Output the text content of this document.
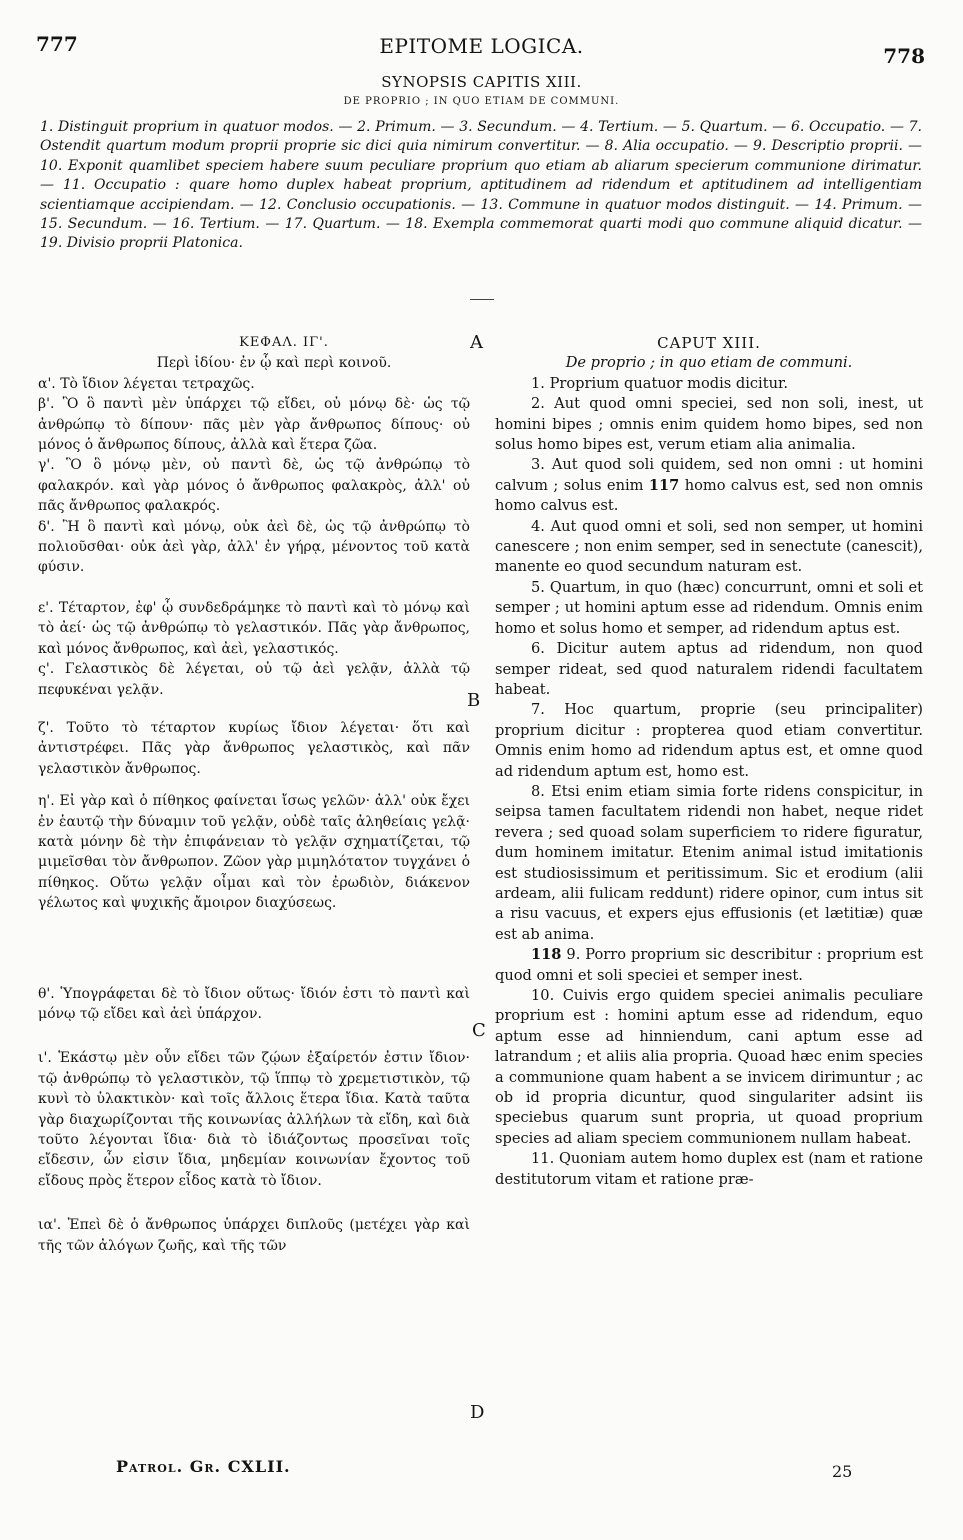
777	EPITOME LOGICA.	778
SYNOPSIS CAPITIS XIII.
DE PROPRIO ; IN QUO ETIAM DE COMMUNI.
1. Distinguit proprium in quatuor modos. — 2. Primum. — 3. Secundum. — 4. Tertium. — 5. Quartum. — 6. Occupatio. — 7. Ostendit quartum modum proprii proprie sic dici quia nimirum convertitur. — 8. Alia occupatio. — 9. Descriptio proprii. — 10. Exponit quamlibet speciem habere suum peculiare proprium quo etiam ab aliarum specierum communione dirimatur. — 11. Occupatio : quare homo duplex habeat proprium, aptitudinem ad ridendum et aptitudinem ad intelligentiam scientiamque accipiendam. — 12. Conclusio occupationis. — 13. Commune in quatuor modos distinguit. — 14. Primum. — 15. Secundum. — 16. Tertium. — 17. Quartum. — 18. Exempla commemorat quarti modi quo commune aliquid dicatur. — 19. Divisio proprii Platonica.
ΚΕΦΑΛ. ΙΓ'.
Περὶ ἰδίου· ἐν ᾧ καὶ περὶ κοινοῦ.

α'. Τὸ ἴδιον λέγεται τετραχῶς.

β'. Ὃ ὃ παντὶ μὲν ὑπάρχει τῷ εἴδει, οὐ μόνῳ δὲ· ὡς τῷ ἀνθρώπῳ τὸ δίπουν· πᾶς μὲν γὰρ ἄνθρωπος δίπους· οὐ μόνος ὁ ἄνθρωπος δίπους, ἀλλὰ καὶ ἕτερα ζῶα.

γ'. Ὃ ὃ μόνῳ μὲν, οὐ παντὶ δὲ, ὡς τῷ ἀνθρώπῳ τὸ φαλακρόν. καὶ γὰρ μόνος ὁ ἄνθρωπος φαλακρὸς, ἀλλ' οὐ πᾶς ἄνθρωπος φαλακρός.

δ'. Ἢ ὃ παντὶ καὶ μόνῳ, οὐκ ἀεὶ δὲ, ὡς τῷ ἀνθρώπῳ τὸ πολιοῦσθαι· οὐκ ἀεὶ γὰρ, ἀλλ' ἐν γήρᾳ, μένοντος τοῦ κατὰ φύσιν.

ε'. Τέταρτον, ἐφ' ᾧ συνδεδράμηκε τὸ παντὶ καὶ τὸ μόνῳ καὶ τὸ ἀεί· ὡς τῷ ἀνθρώπῳ τὸ γελαστικόν. Πᾶς γὰρ ἄνθρωπος, καὶ μόνος ἄνθρωπος, καὶ ἀεὶ, γελαστικός.

ς'. Γελαστικὸς δὲ λέγεται, οὐ τῷ ἀεὶ γελᾷν, ἀλλὰ τῷ πεφυκέναι γελᾷν.

ζ'. Τοῦτο τὸ τέταρτον κυρίως ἴδιον λέγεται· ὅτι καὶ ἀντιστρέφει. Πᾶς γὰρ ἄνθρωπος γελαστικὸς, καὶ πᾶν γελαστικὸν ἄνθρωπος.

η'. Εἰ γὰρ καὶ ὁ πίθηκος φαίνεται ἴσως γελῶν· ἀλλ' οὐκ ἔχει ἐν ἑαυτῷ τὴν δύναμιν τοῦ γελᾷν, οὐδὲ ταῖς ἀληθείαις γελᾷ· κατὰ μόνην δὲ τὴν ἐπιφάνειαν τὸ γελᾷν σχηματίζεται, τῷ μιμεῖσθαι τὸν ἄνθρωπον. Ζῶον γὰρ μιμηλότατον τυγχάνει ὁ πίθηκος. Οὕτω γελᾷν οἶμαι καὶ τὸν ἐρωδιὸν, διάκενον γέλωτος καὶ ψυχικῆς ἄμοιρον διαχύσεως.

θ'. Ὑπογράφεται δὲ τὸ ἴδιον οὕτως· ἴδιόν ἐστι τὸ παντὶ καὶ μόνῳ τῷ εἴδει καὶ ἀεὶ ὑπάρχον.

ι'. Ἑκάστῳ μὲν οὖν εἴδει τῶν ζῴων ἐξαίρετόν ἐστιν ἴδιον· τῷ ἀνθρώπῳ τὸ γελαστικὸν, τῷ ἵππῳ τὸ χρεμετιστικὸν, τῷ κυνὶ τὸ ὑλακτικὸν· καὶ τοῖς ἄλλοις ἕτερα ἴδια. Κατὰ ταῦτα γὰρ διαχωρίζονται τῆς κοινωνίας ἀλλήλων τὰ εἴδη, καὶ διὰ τοῦτο λέγονται ἴδια· διὰ τὸ ἰδιάζοντως προσεῖναι τοῖς εἴδεσιν, ὧν εἰσιν ἴδια, μηδεμίαν κοινωνίαν ἔχοντος τοῦ εἴδους πρὸς ἕτερον εἶδος κατὰ τὸ ἴδιον.

ια'. Ἐπεὶ δὲ ὁ ἄνθρωπος ὑπάρχει διπλοῦς (μετέχει γὰρ καὶ τῆς τῶν ἀλόγων ζωῆς, καὶ τῆς τῶν

A
B
C
D
CAPUT XIII.
De proprio ; in quo etiam de communi.

1. Proprium quatuor modis dicitur.

2. Aut quod omni speciei, sed non soli, inest, ut homini bipes ; omnis enim quidem homo bipes, sed non solus homo bipes est, verum etiam alia animalia.

3. Aut quod soli quidem, sed non omni : ut homini calvum ; solus enim 117 homo calvus est, sed non omnis homo calvus est.

4. Aut quod omni et soli, sed non semper, ut homini canescere ; non enim semper, sed in senectute (canescit), manente eo quod secundum naturam est.

5. Quartum, in quo (hæc) concurrunt, omni et soli et semper ; ut homini aptum esse ad ridendum. Omnis enim homo et solus homo et semper, ad ridendum aptus est.

6. Dicitur autem aptus ad ridendum, non quod semper rideat, sed quod naturalem ridendi facultatem habeat.

7. Hoc quartum, proprie (seu principaliter) proprium dicitur : propterea quod etiam convertitur. Omnis enim homo ad ridendum aptus est, et omne quod ad ridendum aptum est, homo est.

8. Etsi enim etiam simia forte ridens conspicitur, in seipsa tamen facultatem ridendi non habet, neque ridet revera ; sed quoad solam superficiem το ridere figuratur, dum hominem imitatur. Etenim animal istud imitationis est studiosissimum et peritissimum. Sic et erodium (alii ardeam, alii fulicam reddunt) ridere opinor, cum intus sit a risu vacuus, et expers ejus effusionis (et lætitiæ) quæ est ab anima.

118 9. Porro proprium sic describitur : proprium est quod omni et soli speciei et semper inest.

10. Cuivis ergo quidem speciei animalis peculiare proprium est : homini aptum esse ad ridendum, equo aptum esse ad hinniendum, cani aptum esse ad latrandum ; et aliis alia propria. Quoad hæc enim species a communione quam habent a se invicem dirimuntur ; ac ob id propria dicuntur, quod singulariter adsint iis speciebus quarum sunt propria, ut quoad proprium species ad aliam speciem communionem nullam habeat.

11. Quoniam autem homo duplex est (nam et ratione destitutorum vitam et ratione præ-

Patrol. Gr. CXLII.	25
